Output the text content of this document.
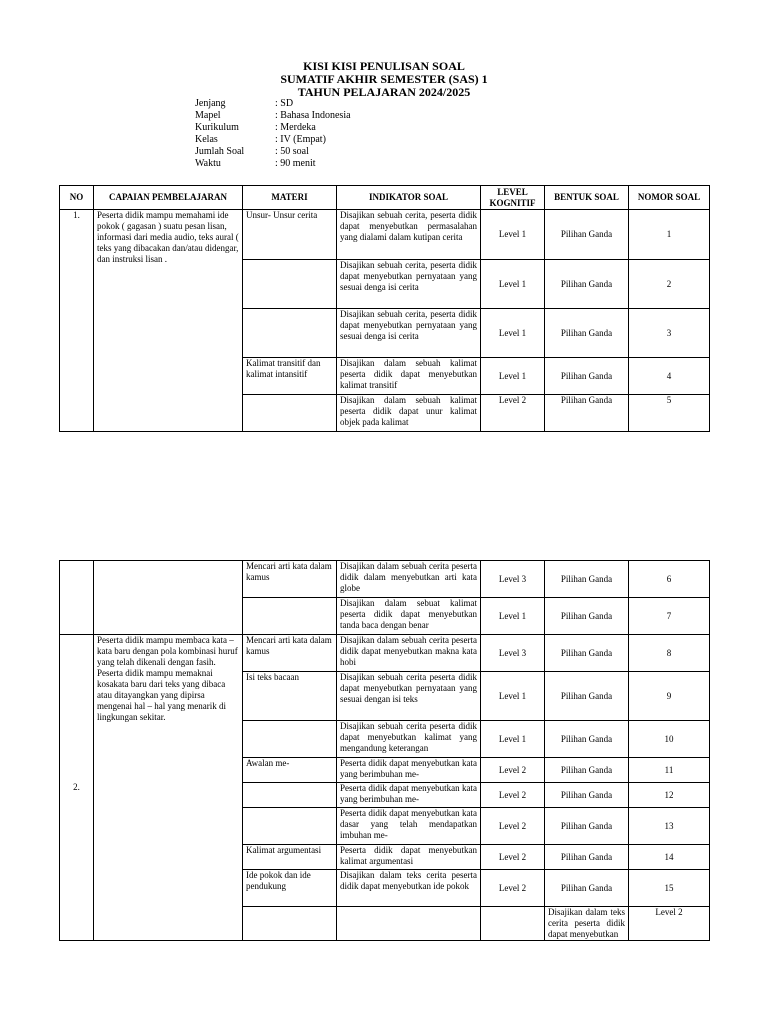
KISI KISI PENULISAN SOAL
SUMATIF AKHIR SEMESTER (SAS) 1
TAHUN PELAJARAN 2024/2025
Jenjang	: SD
Mapel	: Bahasa Indonesia
Kurikulum	: Merdeka
Kelas	: IV (Empat)
Jumlah Soal	: 50 soal
Waktu	: 90 menit
NO	CAPAIAN PEMBELAJARAN	MATERI	INDIKATOR SOAL	LEVEL KOGNITIF	BENTUK SOAL	NOMOR SOAL
1.	Peserta didik mampu memahami ide pokok ( gagasan ) suatu pesan lisan, informasi dari media audio, teks aural ( teks yang dibacakan dan/atau didengar, dan instruksi lisan .	Unsur- Unsur cerita	Disajikan sebuah cerita, peserta didik dapat menyebutkan permasalahan yang dialami dalam kutipan cerita	Level 1	Pilihan Ganda	1
			Disajikan sebuah cerita, peserta didik dapat menyebutkan pernyataan yang sesuai denga isi cerita	Level 1	Pilihan Ganda	2
			Disajikan sebuah cerita, peserta didik dapat menyebutkan pernyataan yang sesuai denga isi cerita	Level 1	Pilihan Ganda	3
		Kalimat transitif dan kalimat intansitif	Disajikan dalam sebuah kalimat peserta didik dapat menyebutkan kalimat transitif	Level 1	Pilihan Ganda	4
			Disajikan dalam sebuah kalimat peserta didik dapat unur kalimat objek pada kalimat	Level 2	Pilihan Ganda	5
		Mencari arti kata dalam kamus	Disajikan dalam sebuah cerita peserta didik dalam menyebutkan arti kata globe	Level 3	Pilihan Ganda	6	
			Disajikan dalam sebuat kalimat peserta didik dapat menyebutkan tanda baca dengan benar	Level 1	Pilihan Ganda	7	
2.	Peserta didik mampu membaca kata – kata baru dengan pola kombinasi huruf yang telah dikenali dengan fasih. Peserta didik mampu memaknai kosakata baru dari teks yang dibaca atau ditayangkan yang dipirsa mengenai hal – hal yang menarik di lingkungan sekitar.	Mencari arti kata dalam kamus	Disajikan dalam sebuah cerita peserta didik dapat menyebutkan makna kata hobi	Level 3	Pilihan Ganda	8	
		Isi teks bacaan	Disajikan sebuah cerita peserta didik dapat menyebutkan pernyataan yang sesuai dengan isi teks	Level 1	Pilihan Ganda	9	
			Disajikan sebuah cerita peserta didik dapat menyebutkan kalimat yang mengandung keterangan	Level 1	Pilihan Ganda	10	
		Awalan me-	Peserta didik dapat menyebutkan kata yang berimbuhan me-	Level 2	Pilihan Ganda	11	
			Peserta didik dapat menyebutkan kata yang berimbuhan me-	Level 2	Pilihan Ganda	12	
			Peserta didik dapat menyebutkan kata dasar yang telah mendapatkan imbuhan me-	Level 2	Pilihan Ganda	13	
		Kalimat argumentasi	Peserta didik dapat menyebutkan kalimat argumentasi	Level 2	Pilihan Ganda	14	
		Ide pokok dan ide pendukung	Disajikan dalam teks cerita peserta didik dapat menyebutkan ide pokok	Level 2	Pilihan Ganda	15	
					Disajikan dalam teks cerita peserta didik dapat menyebutkan	Level 2		
